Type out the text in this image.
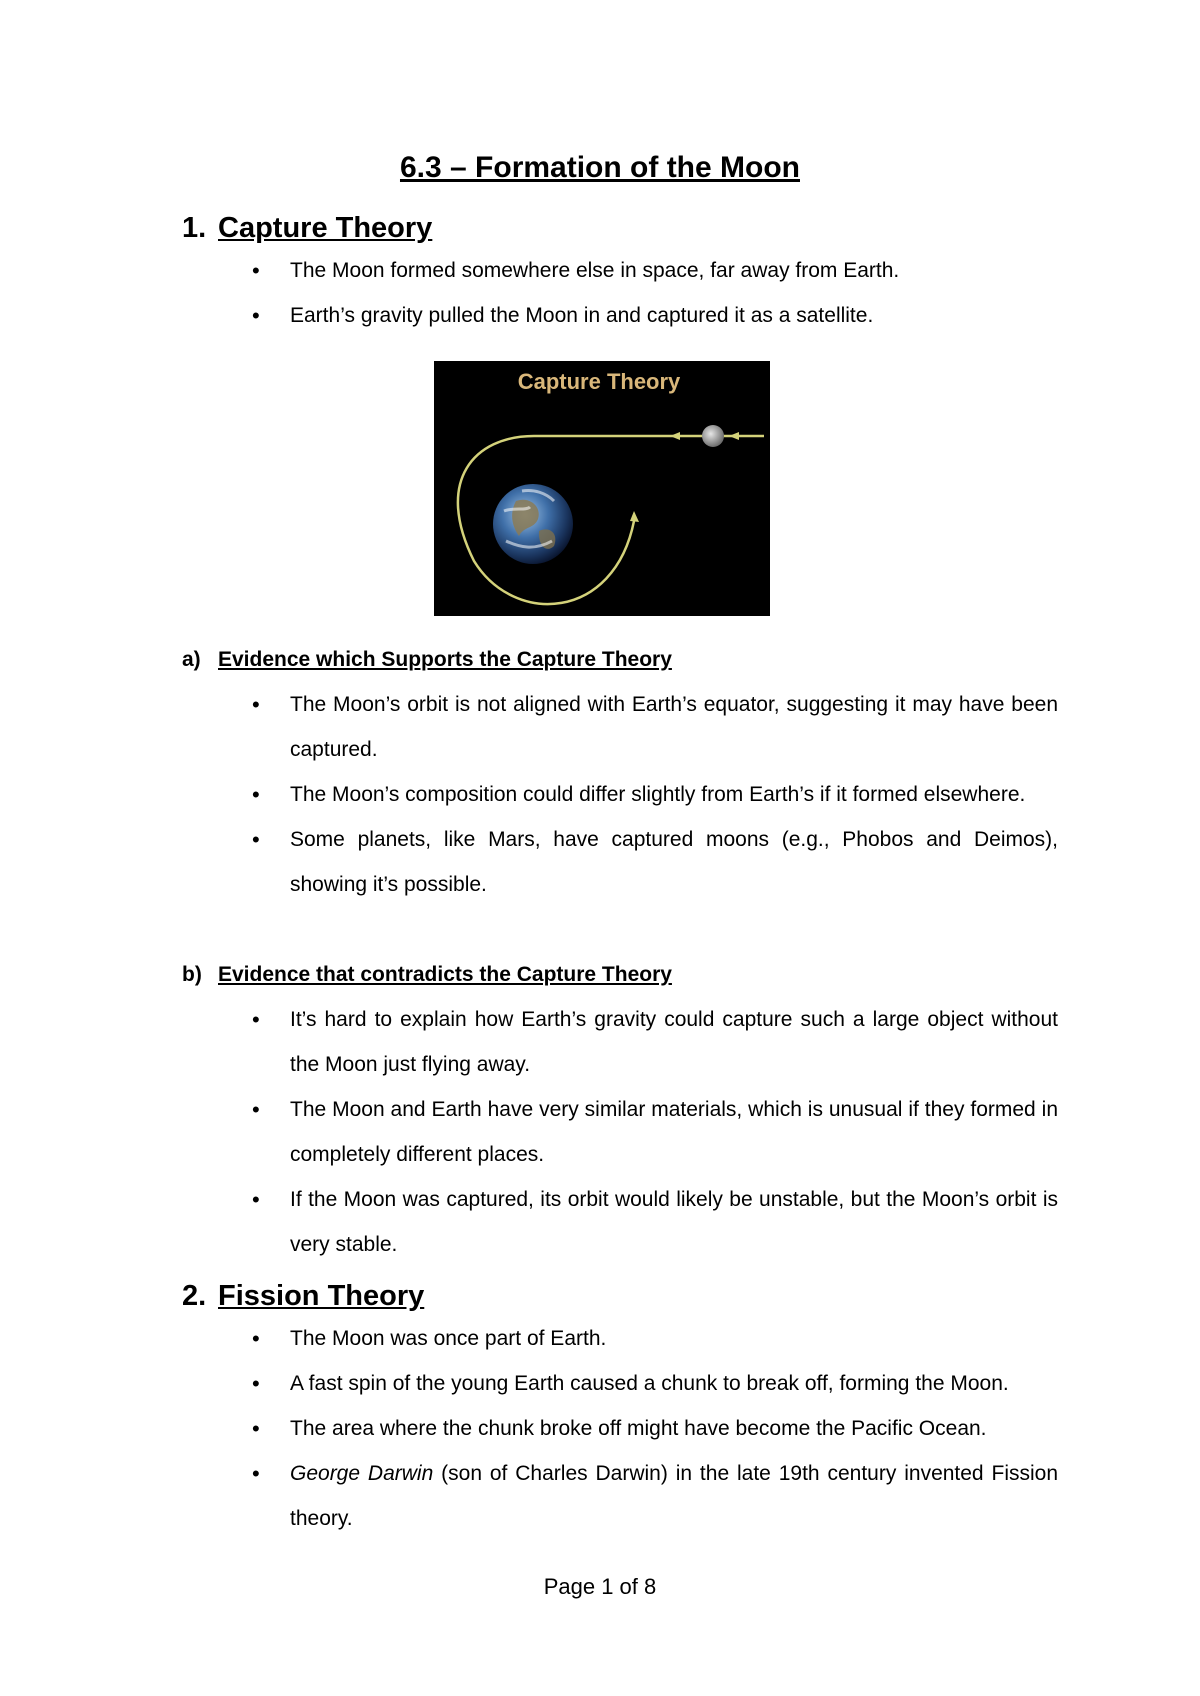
6.3 – Formation of the Moon
1. Capture Theory
• The Moon formed somewhere else in space, far away from Earth.
• Earth’s gravity pulled the Moon in and captured it as a satellite.
Capture Theory
a) Evidence which Supports the Capture Theory
• The Moon’s orbit is not aligned with Earth’s equator, suggesting it may have been captured.
• The Moon’s composition could differ slightly from Earth’s if it formed elsewhere.
• Some planets, like Mars, have captured moons (e.g., Phobos and Deimos), showing it’s possible.
b) Evidence that contradicts the Capture Theory
• It’s hard to explain how Earth’s gravity could capture such a large object without the Moon just flying away.
• The Moon and Earth have very similar materials, which is unusual if they formed in completely different places.
• If the Moon was captured, its orbit would likely be unstable, but the Moon’s orbit is very stable.
2. Fission Theory
• The Moon was once part of Earth.
• A fast spin of the young Earth caused a chunk to break off, forming the Moon.
• The area where the chunk broke off might have become the Pacific Ocean.
• George Darwin (son of Charles Darwin) in the late 19th century invented Fission theory.
Page 1 of 8
